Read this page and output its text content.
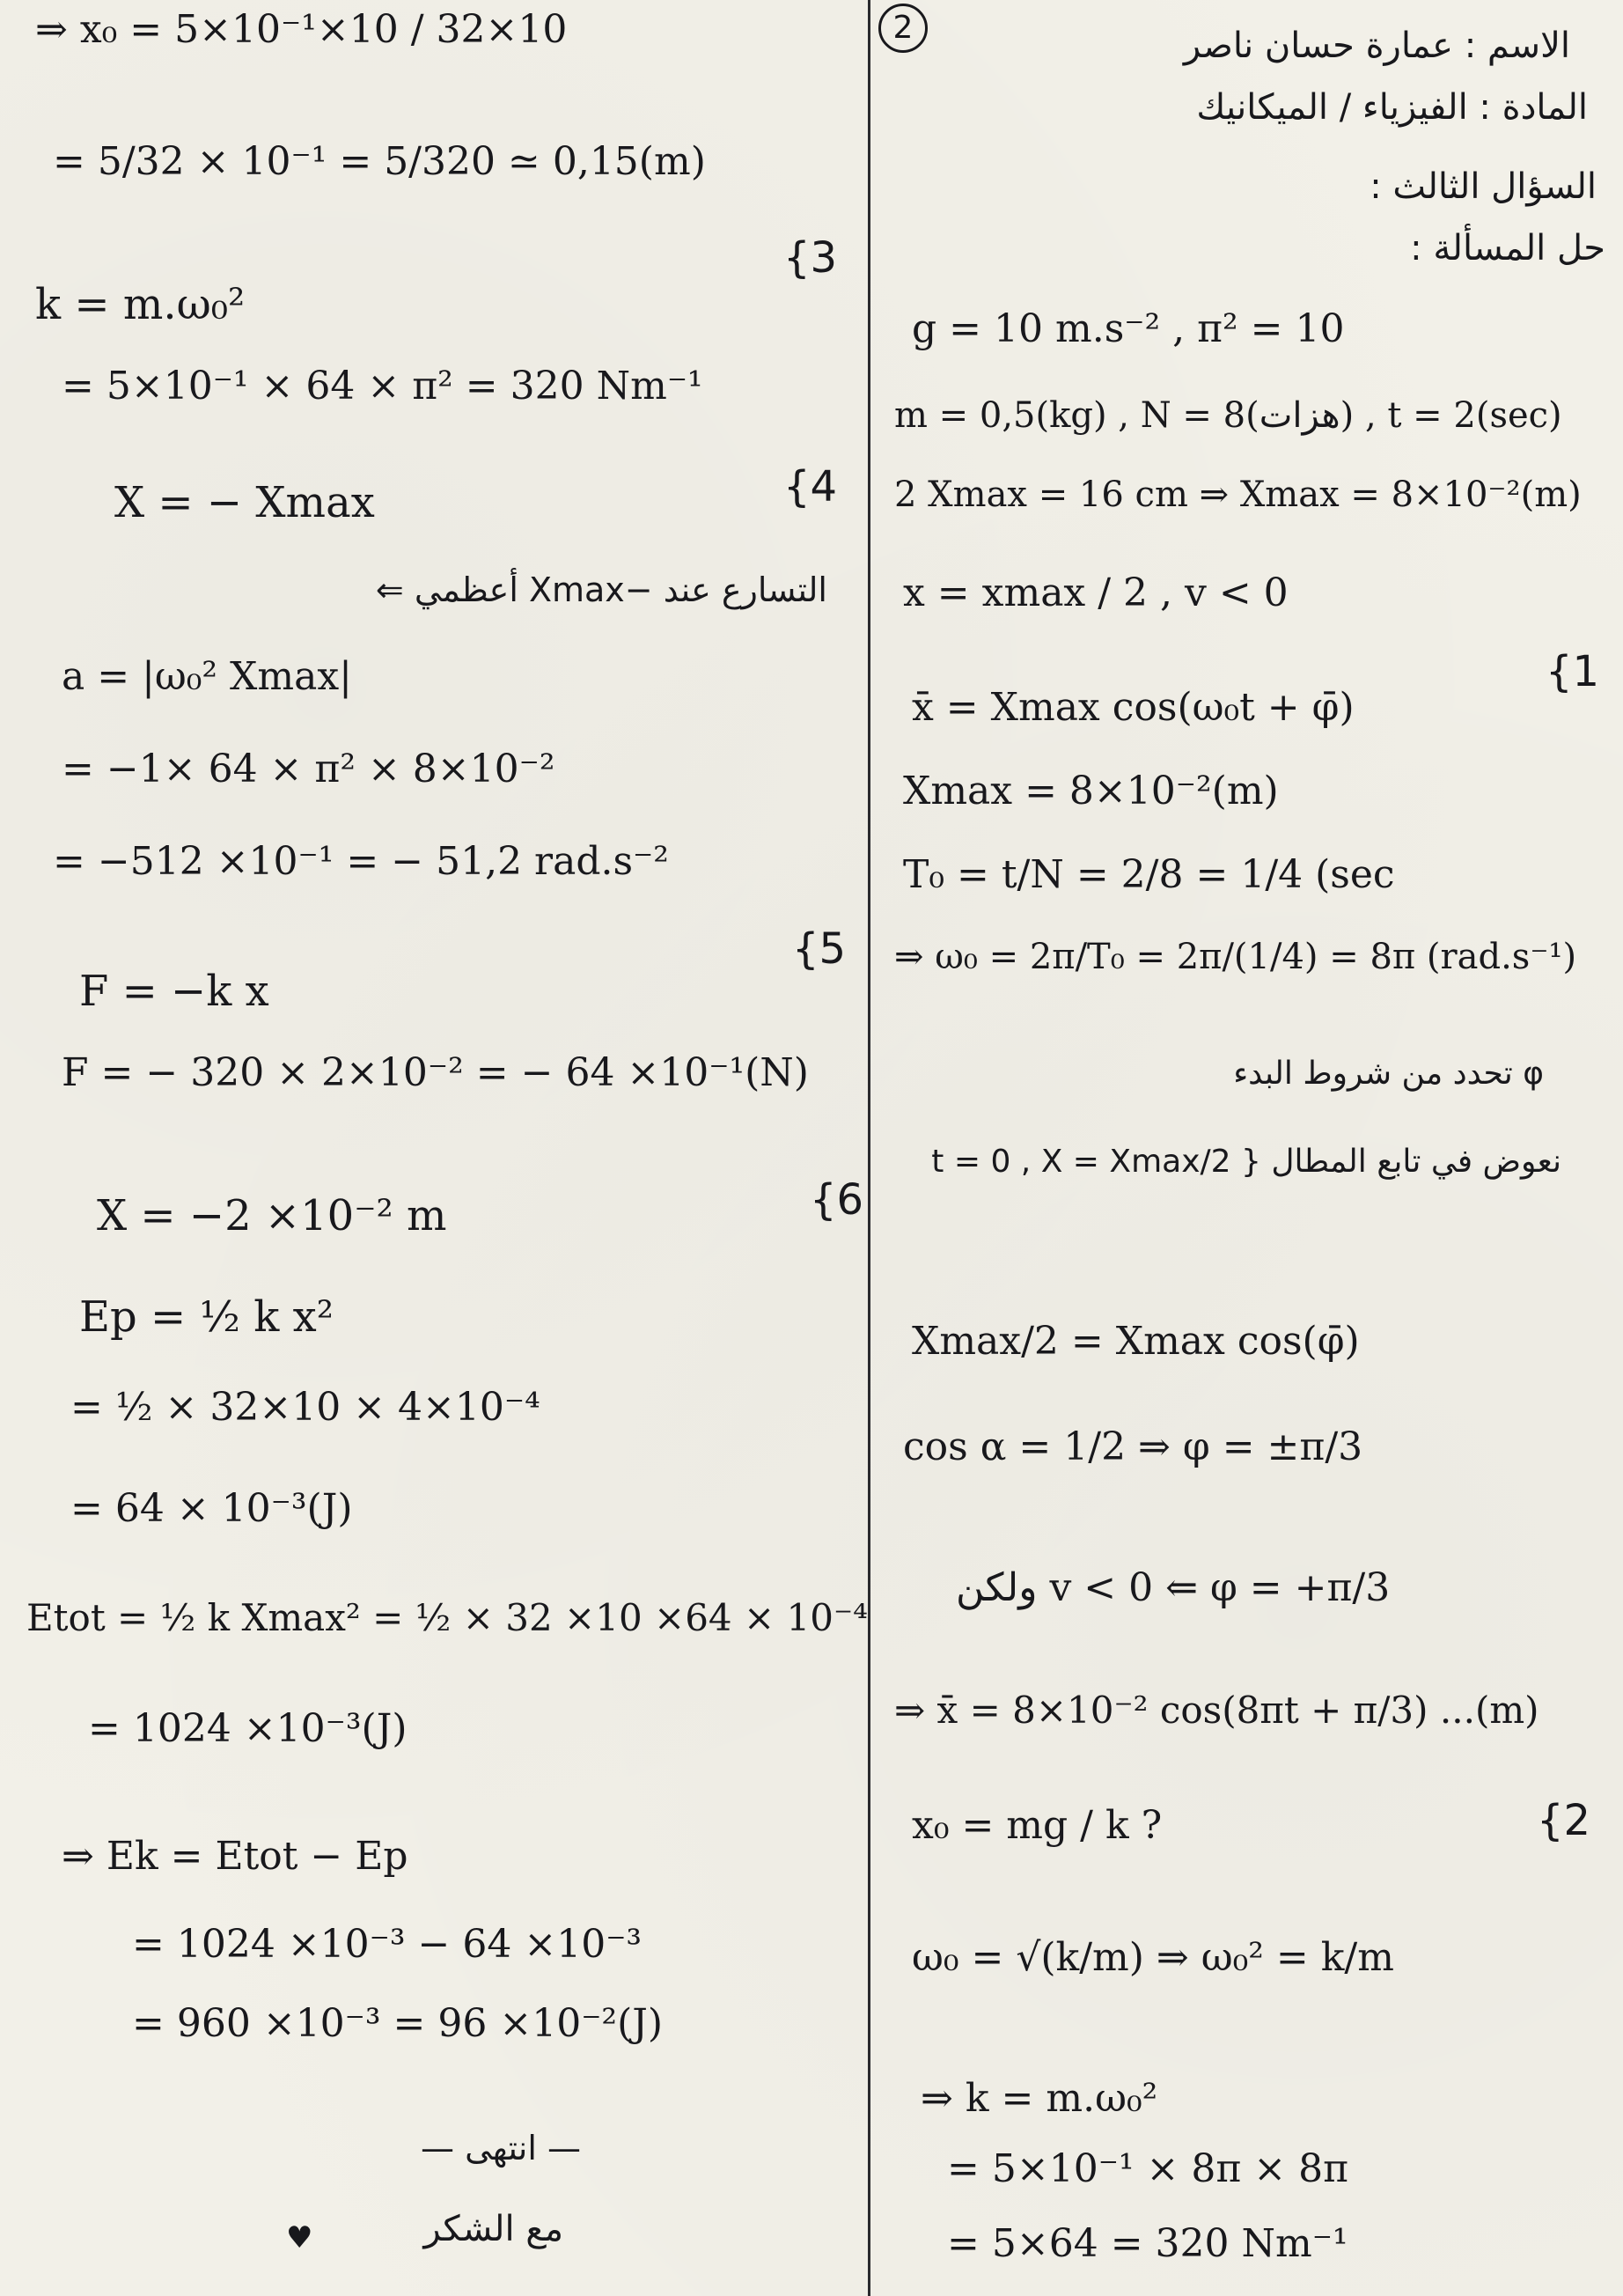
2	الاسم : عمارة حسان ناصر
المادة : الفيزياء / الميكانيك
السؤال الثالث :
حل المسألة :
g = 10 m.s⁻² , π² = 10
m = 0,5(kg) , N = 8(هزات) , t = 2(sec)
2 Xmax = 16 cm ⇒ Xmax = 8×10⁻²(m)
x = xmax / 2 , v < 0
{1
x̄ = Xmax cos(ω₀t + φ̄)
Xmax = 8×10⁻²(m)
T₀ = t/N = 2/8 = 1/4 (sec
⇒ ω₀ = 2π/T₀ = 2π/(1/4) = 8π (rad.s⁻¹)
φ تحدد من شروط البدء
نعوض في تابع المطال { t = 0 , X = Xmax/2
Xmax/2 = Xmax cos(φ̄)
cos α = 1/2 ⇒ φ = ±π/3
ولكن v < 0 ⇐ φ = +π/3
⇒ x̄ = 8×10⁻² cos(8πt + π/3) ...(m)
{2
x₀ = mg / k ?
ω₀ = √(k/m) ⇒ ω₀² = k/m
⇒ k = m.ω₀²
= 5×10⁻¹ × 8π × 8π
= 5×64 = 320 Nm⁻¹
⇒ x₀ = 5×10⁻¹×10 / 32×10
= 5/32 × 10⁻¹ = 5/320 ≃ 0,15(m)
{3
k = m.ω₀²
= 5×10⁻¹ × 64 × π² = 320 Nm⁻¹
{4
X = − Xmax
التسارع عند −Xmax أعظمي ⇐
a = |ω₀² Xmax|
= −1× 64 × π² × 8×10⁻²
= −512 ×10⁻¹ = − 51,2 rad.s⁻²
{5
F = −k x
F = − 320 × 2×10⁻² = − 64 ×10⁻¹(N)
{6
X = −2 ×10⁻² m
Ep = ½ k x²
= ½ × 32×10 × 4×10⁻⁴
= 64 × 10⁻³(J)
Etot = ½ k Xmax² = ½ × 32 ×10 ×64 × 10⁻⁴
= 1024 ×10⁻³(J)
⇒ Ek = Etot − Ep
= 1024 ×10⁻³ − 64 ×10⁻³
= 960 ×10⁻³ = 96 ×10⁻²(J)
— انتهى —
مع الشكر
♥
